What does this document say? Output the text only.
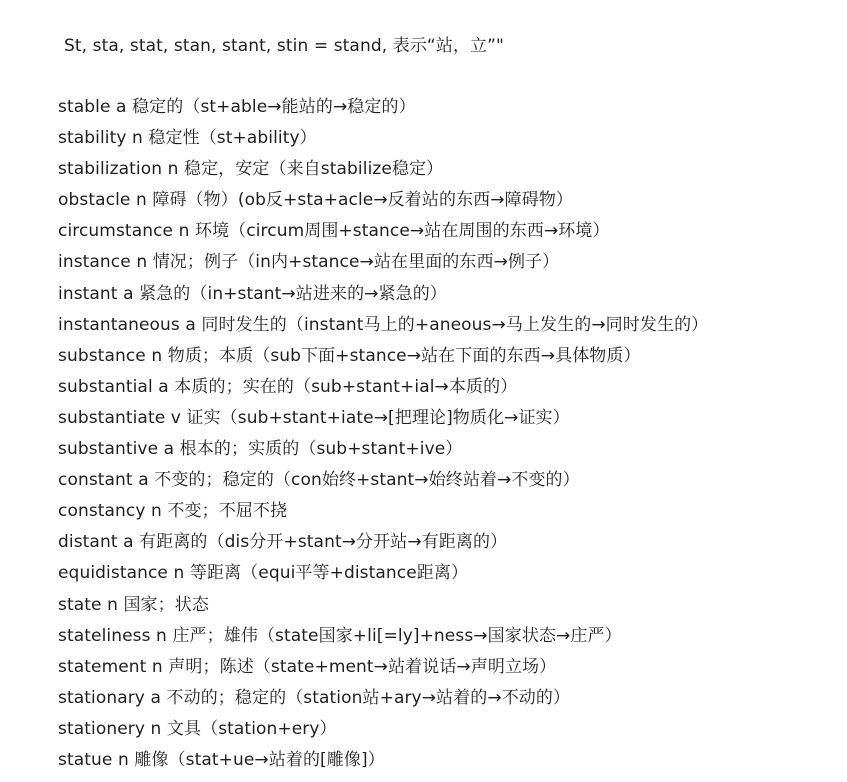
St, sta, stat, stan, stant, stin = stand, 表示“站，立”"
stable a 稳定的（st+able→能站的→稳定的）
stability n 稳定性（st+ability）
stabilization n 稳定，安定（来自stabilize稳定）
obstacle n 障碍（物）(ob反+sta+acle→反着站的东西→障碍物）
circumstance n 环境（circum周围+stance→站在周围的东西→环境）
instance n 情况；例子（in内+stance→站在里面的东西→例子）
instant a 紧急的（in+stant→站进来的→紧急的）
instantaneous a 同时发生的（instant马上的+aneous→马上发生的→同时发生的）
substance n 物质；本质（sub下面+stance→站在下面的东西→具体物质）
substantial a 本质的；实在的（sub+stant+ial→本质的）
substantiate v 证实（sub+stant+iate→[把理论]物质化→证实）
substantive a 根本的；实质的（sub+stant+ive）
constant a 不变的；稳定的（con始终+stant→始终站着→不变的）
constancy n 不变；不屈不挠
distant a 有距离的（dis分开+stant→分开站→有距离的）
equidistance n 等距离（equi平等+distance距离）
state n 国家；状态
stateliness n 庄严；雄伟（state国家+li[=ly]+ness→国家状态→庄严）
statement n 声明；陈述（state+ment→站着说话→声明立场）
stationary a 不动的；稳定的（station站+ary→站着的→不动的）
stationery n 文具（station+ery）
statue n 雕像（stat+ue→站着的[雕像]）
